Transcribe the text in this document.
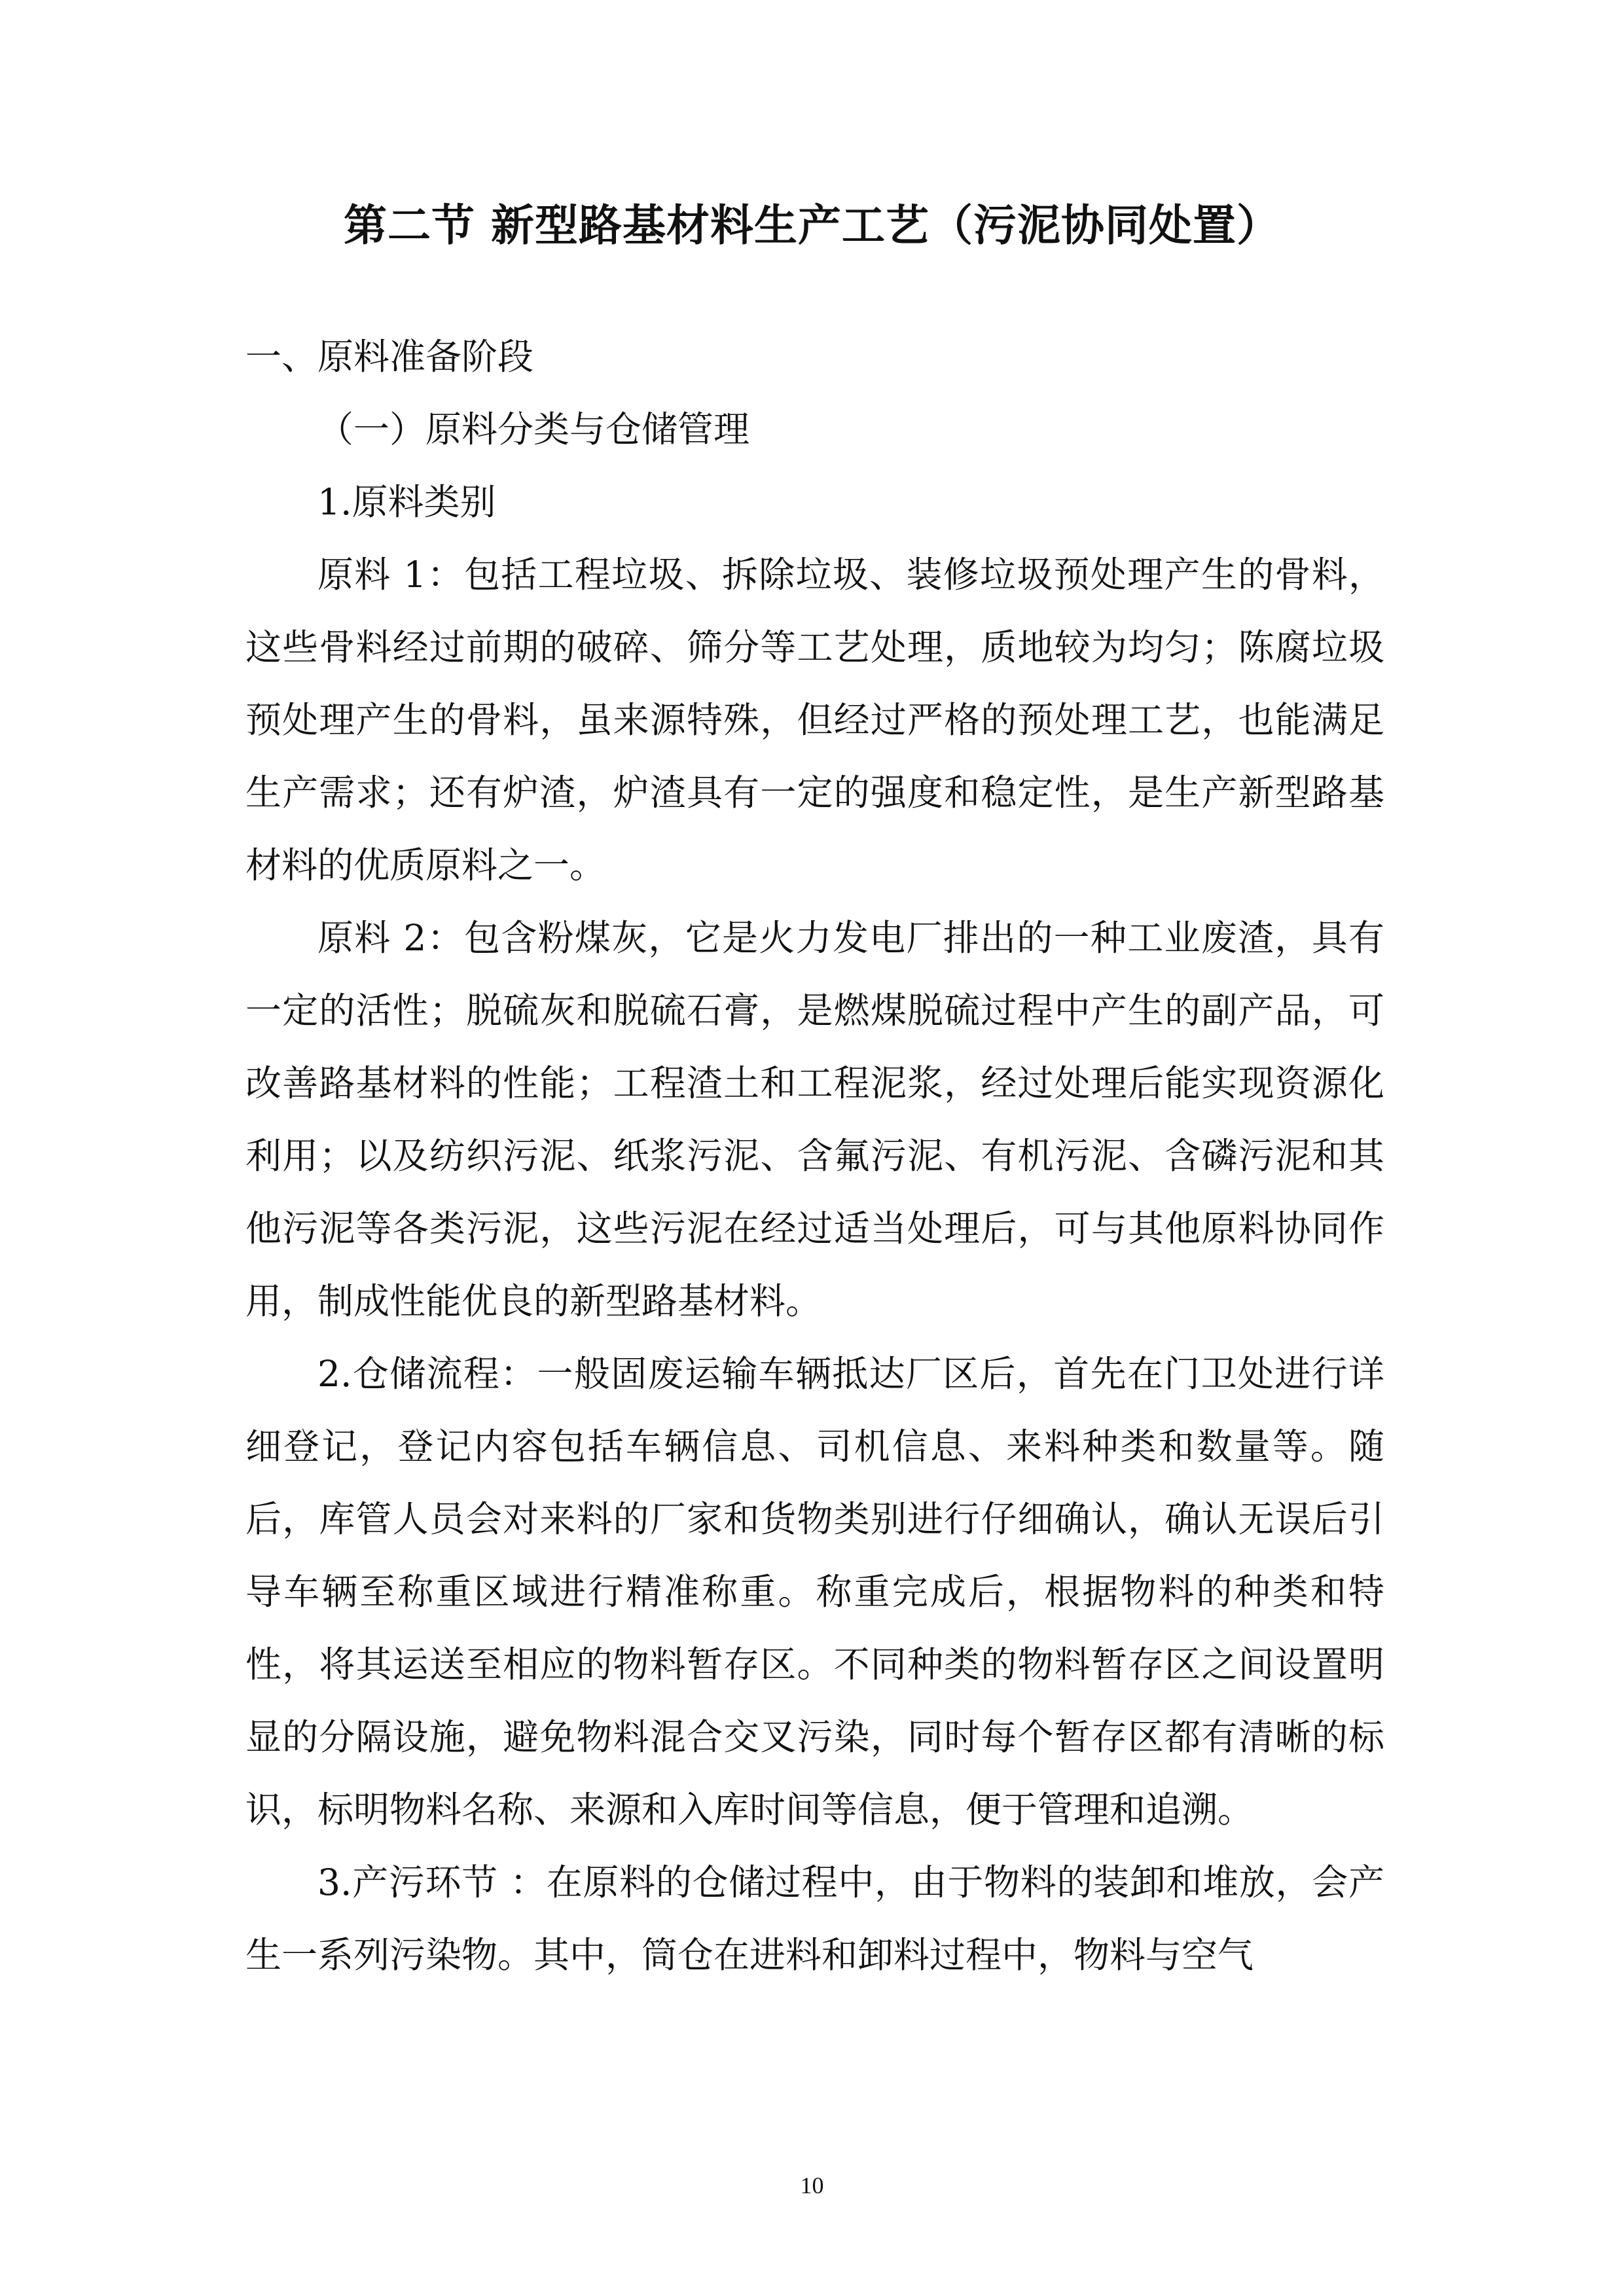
第二节 新型路基材料生产工艺（污泥协同处置）

一、原料准备阶段

（一）原料分类与仓储管理

1.原料类别

原料 1：包括工程垃圾、拆除垃圾、装修垃圾预处理产生的骨料，这些骨料经过前期的破碎、筛分等工艺处理，质地较为均匀；陈腐垃圾预处理产生的骨料，虽来源特殊，但经过严格的预处理工艺，也能满足生产需求；还有炉渣，炉渣具有一定的强度和稳定性，是生产新型路基材料的优质原料之一。

原料 2：包含粉煤灰，它是火力发电厂排出的一种工业废渣，具有一定的活性；脱硫灰和脱硫石膏，是燃煤脱硫过程中产生的副产品，可改善路基材料的性能；工程渣土和工程泥浆，经过处理后能实现资源化利用；以及纺织污泥、纸浆污泥、含氟污泥、有机污泥、含磷污泥和其他污泥等各类污泥，这些污泥在经过适当处理后，可与其他原料协同作用，制成性能优良的新型路基材料。

2.仓储流程：一般固废运输车辆抵达厂区后，首先在门卫处进行详细登记，登记内容包括车辆信息、司机信息、来料种类和数量等。随后，库管人员会对来料的厂家和货物类别进行仔细确认，确认无误后引导车辆至称重区域进行精准称重。称重完成后，根据物料的种类和特性，将其运送至相应的物料暂存区。不同种类的物料暂存区之间设置明显的分隔设施，避免物料混合交叉污染，同时每个暂存区都有清晰的标识，标明物料名称、来源和入库时间等信息，便于管理和追溯。

3.产污环节 ：在原料的仓储过程中，由于物料的装卸和堆放，会产生一系列污染物。其中，筒仓在进料和卸料过程中，物料与空气

10
